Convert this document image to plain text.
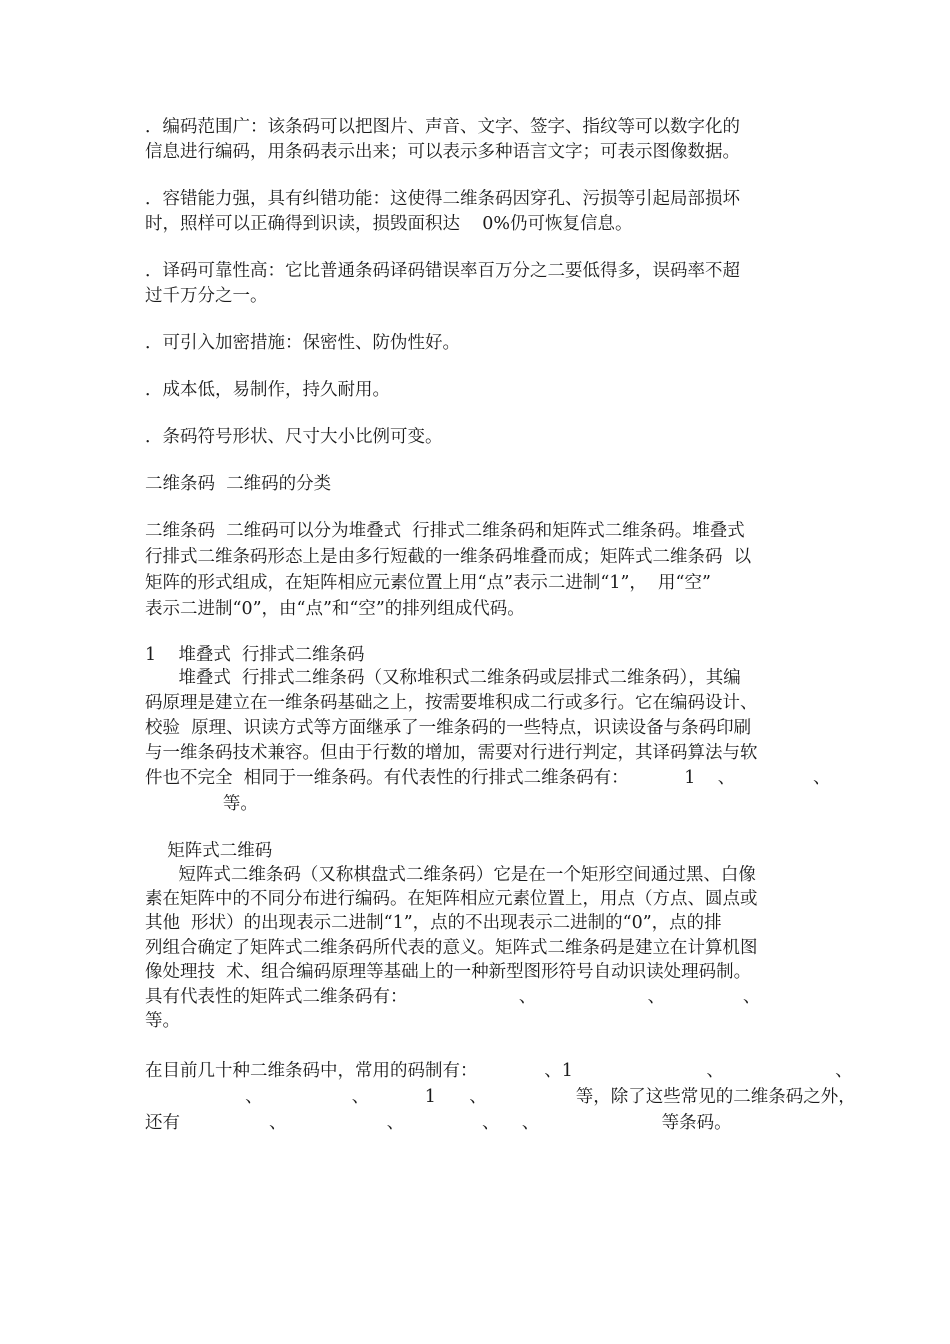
．编码范围广：该条码可以把图片、声音、文字、签字、指纹等可以数字化的
信息进行编码，用条码表示出来；可以表示多种语言文字；可表示图像数据。
．容错能力强，具有纠错功能：这使得二维条码因穿孔、污损等引起局部损坏
时，照样可以正确得到识读，损毁面积达    0%仍可恢复信息。
．译码可靠性高：它比普通条码译码错误率百万分之二要低得多，误码率不超
过千万分之一。
．可引入加密措施：保密性、防伪性好。
．成本低，易制作，持久耐用。
．条码符号形状、尺寸大小比例可变。
二维条码  二维码的分类
二维条码  二维码可以分为堆叠式  行排式二维条码和矩阵式二维条码。堆叠式
行排式二维条码形态上是由多行短截的一维条码堆叠而成；矩阵式二维条码  以
矩阵的形式组成，在矩阵相应元素位置上用“点”表示二进制“1”，  用“空”
表示二进制“0”，由“点”和“空”的排列组成代码。
1    堆叠式  行排式二维条码
堆叠式  行排式二维条码（又称堆积式二维条码或层排式二维条码），其编
码原理是建立在一维条码基础之上，按需要堆积成二行或多行。它在编码设计、
校验  原理、识读方式等方面继承了一维条码的一些特点，识读设备与条码印刷
与一维条码技术兼容。但由于行数的增加，需要对行进行判定，其译码算法与软
件也不完全  相同于一维条码。有代表性的行排式二维条码有：          1    、              、
等。
矩阵式二维码
短阵式二维条码（又称棋盘式二维条码）它是在一个矩形空间通过黑、白像
素在矩阵中的不同分布进行编码。在矩阵相应元素位置上，用点（方点、圆点或
其他  形状）的出现表示二进制“1”，点的不出现表示二进制的“0”，点的排
列组合确定了矩阵式二维条码所代表的意义。矩阵式二维条码是建立在计算机图
像处理技  术、组合编码原理等基础上的一种新型图形符号自动识读处理码制。
具有代表性的矩阵式二维条码有：                    、                    、              、
等。
在目前几十种二维条码中，常用的码制有：            、1                        、                    、
、                、          1      、                等，除了这些常见的二维条码之外，
还有                、                  、              、    、                      等条码。
